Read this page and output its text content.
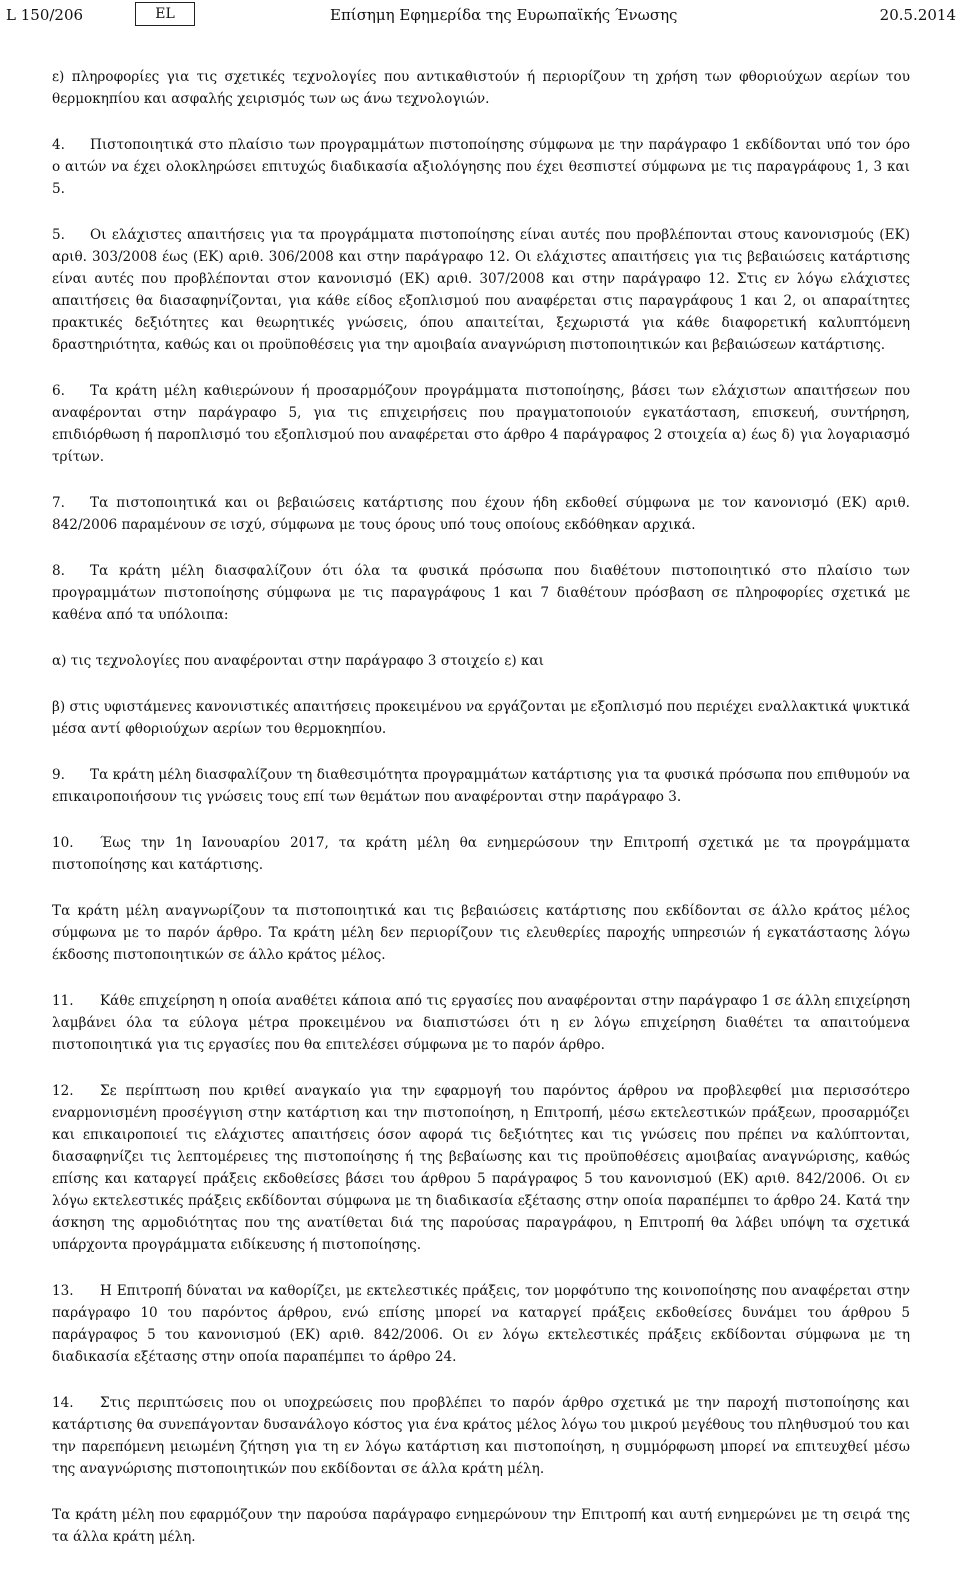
L 150/206	EL	Επίσημη Εφημερίδα της Ευρωπαϊκής Ένωσης	20.5.2014

ε) πληροφορίες για τις σχετικές τεχνολογίες που αντικαθιστούν ή περιορίζουν τη χρήση των φθοριούχων αερίων του θερμοκηπίου και ασφαλής χειρισμός των ως άνω τεχνολογιών.

4. Πιστοποιητικά στο πλαίσιο των προγραμμάτων πιστοποίησης σύμφωνα με την παράγραφο 1 εκδίδονται υπό τον όρο ο αιτών να έχει ολοκληρώσει επιτυχώς διαδικασία αξιολόγησης που έχει θεσπιστεί σύμφωνα με τις παραγράφους 1, 3 και 5.

5. Οι ελάχιστες απαιτήσεις για τα προγράμματα πιστοποίησης είναι αυτές που προβλέπονται στους κανονισμούς (ΕΚ) αριθ. 303/2008 έως (ΕΚ) αριθ. 306/2008 και στην παράγραφο 12. Οι ελάχιστες απαιτήσεις για τις βεβαιώσεις κατάρτισης είναι αυτές που προβλέπονται στον κανονισμό (ΕΚ) αριθ. 307/2008 και στην παράγραφο 12. Στις εν λόγω ελάχιστες απαιτήσεις θα διασαφηνίζονται, για κάθε είδος εξοπλισμού που αναφέρεται στις παραγράφους 1 και 2, οι απαραίτητες πρακτικές δεξιότητες και θεωρητικές γνώσεις, όπου απαιτείται, ξεχωριστά για κάθε διαφορετική καλυπτόμενη δραστηριότητα, καθώς και οι προϋποθέσεις για την αμοιβαία αναγνώριση πιστοποιητικών και βεβαιώσεων κατάρτισης.

6. Τα κράτη μέλη καθιερώνουν ή προσαρμόζουν προγράμματα πιστοποίησης, βάσει των ελάχιστων απαιτήσεων που αναφέρονται στην παράγραφο 5, για τις επιχειρήσεις που πραγματοποιούν εγκατάσταση, επισκευή, συντήρηση, επιδιόρθωση ή παροπλισμό του εξοπλισμού που αναφέρεται στο άρθρο 4 παράγραφος 2 στοιχεία α) έως δ) για λογαριασμό τρίτων.

7. Τα πιστοποιητικά και οι βεβαιώσεις κατάρτισης που έχουν ήδη εκδοθεί σύμφωνα με τον κανονισμό (ΕΚ) αριθ. 842/2006 παραμένουν σε ισχύ, σύμφωνα με τους όρους υπό τους οποίους εκδόθηκαν αρχικά.

8. Τα κράτη μέλη διασφαλίζουν ότι όλα τα φυσικά πρόσωπα που διαθέτουν πιστοποιητικό στο πλαίσιο των προγραμμάτων πιστοποίησης σύμφωνα με τις παραγράφους 1 και 7 διαθέτουν πρόσβαση σε πληροφορίες σχετικά με καθένα από τα υπόλοιπα:

α) τις τεχνολογίες που αναφέρονται στην παράγραφο 3 στοιχείο ε) και

β) στις υφιστάμενες κανονιστικές απαιτήσεις προκειμένου να εργάζονται με εξοπλισμό που περιέχει εναλλακτικά ψυκτικά μέσα αντί φθοριούχων αερίων του θερμοκηπίου.

9. Τα κράτη μέλη διασφαλίζουν τη διαθεσιμότητα προγραμμάτων κατάρτισης για τα φυσικά πρόσωπα που επιθυμούν να επικαιροποιήσουν τις γνώσεις τους επί των θεμάτων που αναφέρονται στην παράγραφο 3.

10. Έως την 1η Ιανουαρίου 2017, τα κράτη μέλη θα ενημερώσουν την Επιτροπή σχετικά με τα προγράμματα πιστοποίησης και κατάρτισης.

Τα κράτη μέλη αναγνωρίζουν τα πιστοποιητικά και τις βεβαιώσεις κατάρτισης που εκδίδονται σε άλλο κράτος μέλος σύμφωνα με το παρόν άρθρο. Τα κράτη μέλη δεν περιορίζουν τις ελευθερίες παροχής υπηρεσιών ή εγκατάστασης λόγω έκδοσης πιστοποιητικών σε άλλο κράτος μέλος.

11. Κάθε επιχείρηση η οποία αναθέτει κάποια από τις εργασίες που αναφέρονται στην παράγραφο 1 σε άλλη επιχείρηση λαμβάνει όλα τα εύλογα μέτρα προκειμένου να διαπιστώσει ότι η εν λόγω επιχείρηση διαθέτει τα απαιτούμενα πιστοποιητικά για τις εργασίες που θα επιτελέσει σύμφωνα με το παρόν άρθρο.

12. Σε περίπτωση που κριθεί αναγκαίο για την εφαρμογή του παρόντος άρθρου να προβλεφθεί μια περισσότερο εναρμονισμένη προσέγγιση στην κατάρτιση και την πιστοποίηση, η Επιτροπή, μέσω εκτελεστικών πράξεων, προσαρμόζει και επικαιροποιεί τις ελάχιστες απαιτήσεις όσον αφορά τις δεξιότητες και τις γνώσεις που πρέπει να καλύπτονται, διασαφηνίζει τις λεπτομέρειες της πιστοποίησης ή της βεβαίωσης και τις προϋποθέσεις αμοιβαίας αναγνώρισης, καθώς επίσης και καταργεί πράξεις εκδοθείσες βάσει του άρθρου 5 παράγραφος 5 του κανονισμού (ΕΚ) αριθ. 842/2006. Οι εν λόγω εκτελεστικές πράξεις εκδίδονται σύμφωνα με τη διαδικασία εξέτασης στην οποία παραπέμπει το άρθρο 24. Κατά την άσκηση της αρμοδιότητας που της ανατίθεται διά της παρούσας παραγράφου, η Επιτροπή θα λάβει υπόψη τα σχετικά υπάρχοντα προγράμματα ειδίκευσης ή πιστοποίησης.

13. Η Επιτροπή δύναται να καθορίζει, με εκτελεστικές πράξεις, τον μορφότυπο της κοινοποίησης που αναφέρεται στην παράγραφο 10 του παρόντος άρθρου, ενώ επίσης μπορεί να καταργεί πράξεις εκδοθείσες δυνάμει του άρθρου 5 παράγραφος 5 του κανονισμού (ΕΚ) αριθ. 842/2006. Οι εν λόγω εκτελεστικές πράξεις εκδίδονται σύμφωνα με τη διαδικασία εξέτασης στην οποία παραπέμπει το άρθρο 24.

14. Στις περιπτώσεις που οι υποχρεώσεις που προβλέπει το παρόν άρθρο σχετικά με την παροχή πιστοποίησης και κατάρτισης θα συνεπάγονταν δυσανάλογο κόστος για ένα κράτος μέλος λόγω του μικρού μεγέθους του πληθυσμού του και την παρεπόμενη μειωμένη ζήτηση για τη εν λόγω κατάρτιση και πιστοποίηση, η συμμόρφωση μπορεί να επιτευχθεί μέσω της αναγνώρισης πιστοποιητικών που εκδίδονται σε άλλα κράτη μέλη.

Τα κράτη μέλη που εφαρμόζουν την παρούσα παράγραφο ενημερώνουν την Επιτροπή και αυτή ενημερώνει με τη σειρά της τα άλλα κράτη μέλη.
